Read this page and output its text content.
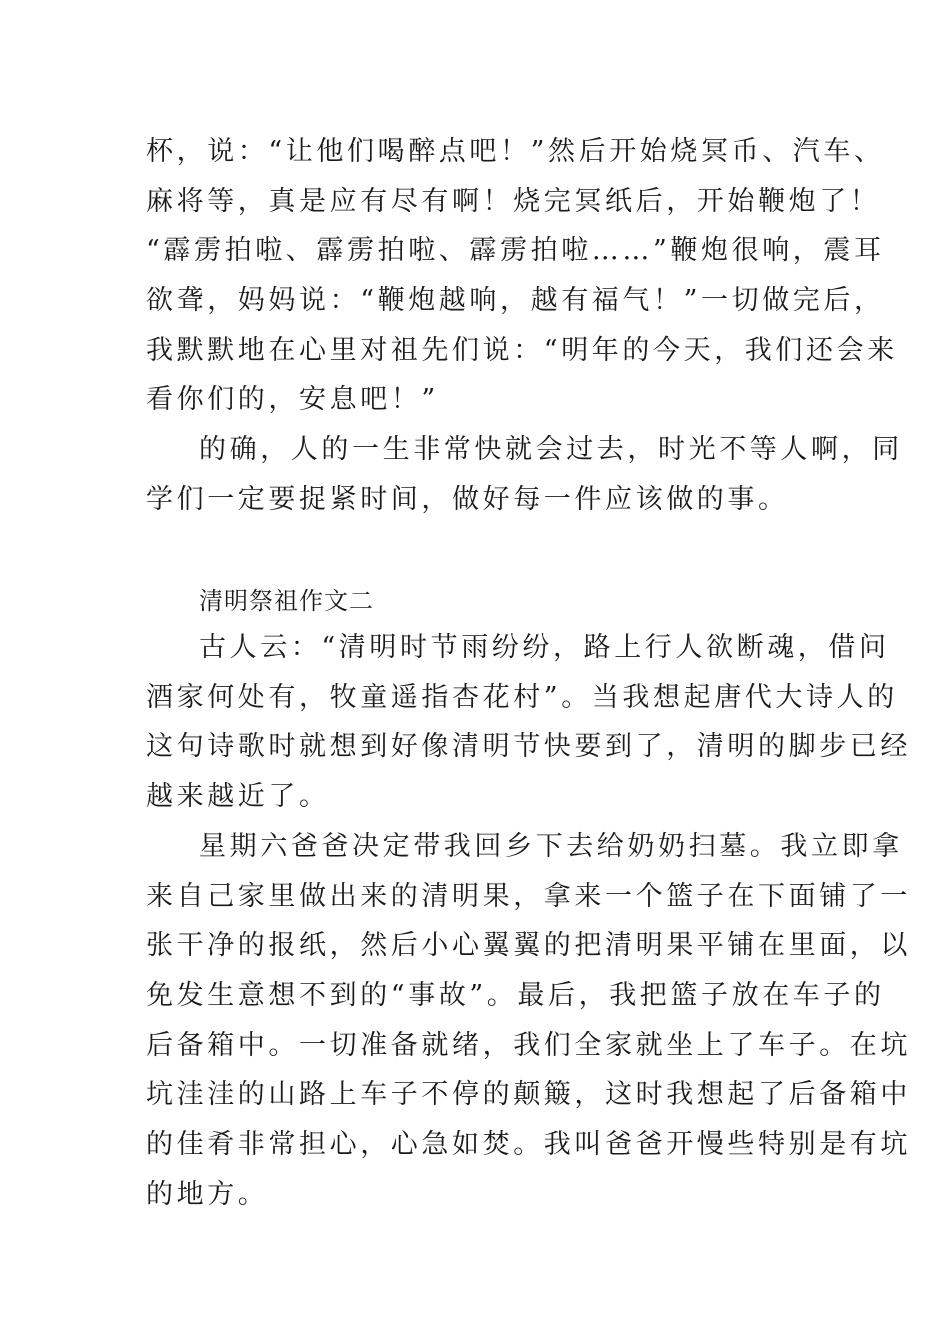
杯，说：“让他们喝醉点吧！”然后开始烧冥币、汽车、
麻将等，真是应有尽有啊！烧完冥纸后，开始鞭炮了！
“霹雳拍啦、霹雳拍啦、霹雳拍啦……”鞭炮很响，震耳
欲聋，妈妈说：“鞭炮越响，越有福气！”一切做完后，
我默默地在心里对祖先们说：“明年的今天，我们还会来
看你们的，安息吧！”
的确，人的一生非常快就会过去，时光不等人啊，同
学们一定要捉紧时间，做好每一件应该做的事。
清明祭祖作文二
古人云：“清明时节雨纷纷，路上行人欲断魂，借问
酒家何处有，牧童遥指杏花村”。当我想起唐代大诗人的
这句诗歌时就想到好像清明节快要到了，清明的脚步已经
越来越近了。
星期六爸爸决定带我回乡下去给奶奶扫墓。我立即拿
来自己家里做出来的清明果，拿来一个篮子在下面铺了一
张干净的报纸，然后小心翼翼的把清明果平铺在里面，以
免发生意想不到的“事故”。最后，我把篮子放在车子的
后备箱中。一切准备就绪，我们全家就坐上了车子。在坑
坑洼洼的山路上车子不停的颠簸，这时我想起了后备箱中
的佳肴非常担心，心急如焚。我叫爸爸开慢些特别是有坑
的地方。
